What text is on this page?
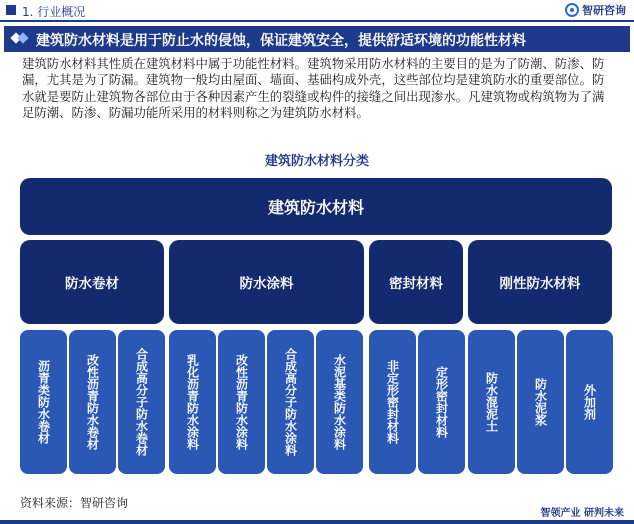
1. 行业概况	智研咨询
建筑防水材料是用于防止水的侵蚀，保证建筑安全，提供舒适环境的功能性材料
建筑防水材料其性质在建筑材料中属于功能性材料。建筑物采用防水材料的主要目的是为了防潮、防渗、防漏，尤其是为了防漏。建筑物一般均由屋面、墙面、基础构成外壳，这些部位均是建筑防水的重要部位。防水就是要防止建筑物各部位由于各种因素产生的裂缝或构件的接缝之间出现渗水。凡建筑物或构筑物为了满足防潮、防渗、防漏功能所采用的材料则称之为建筑防水材料。
建筑防水材料分类
建筑防水材料
防水卷材	防水涂料	密封材料	刚性防水材料
沥青类防水卷材	改性沥青防水卷材	合成高分子防水卷材	乳化沥青防水涂料	改性沥青防水涂料	合成高分子防水涂料	水泥基类防水涂料	非定形密封材料	定形密封材料	防水混泥土	防水泥浆	外加剂
资料来源：智研咨询
智领产业 研判未来
